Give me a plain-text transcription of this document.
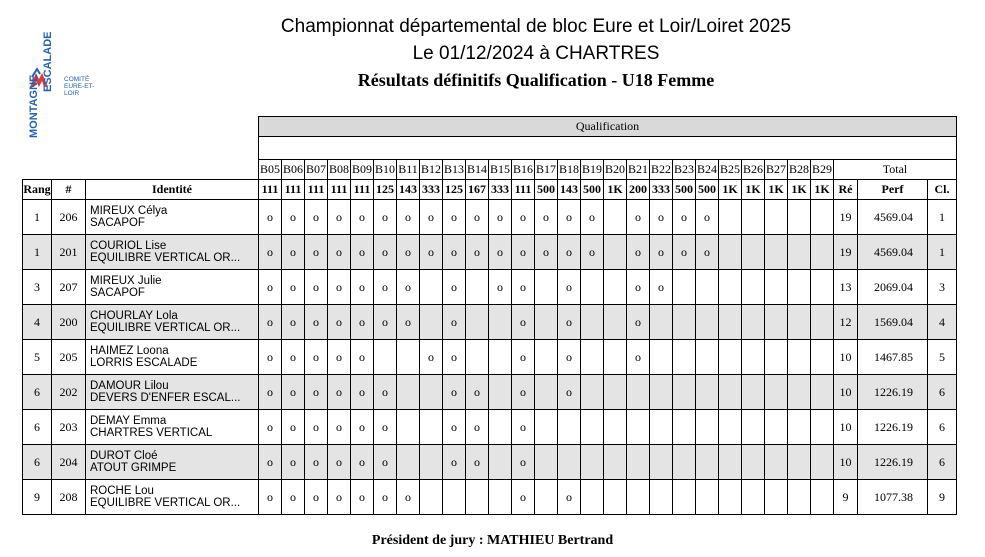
MONTAGNE
ESCALADE COMITÉ
EURE-ET-LOIR
Championnat départemental de bloc Eure et Loir/Loiret 2025
Le 01/12/2024 à CHARTRES
Résultats définitifs Qualification - U18 Femme
			Qualification																											

			B05	B06	B07	B08	B09	B10	B11	B12	B13	B14	B15	B16	B17	B18	B19	B20	B21	B22	B23	B24	B25	B26	B27	B28	B29	Total		
Rang	#	Identité	111	111	111	111	111	125	143	333	125	167	333	111	500	143	500	1K	200	333	500	500	1K	1K	1K	1K	1K	Ré	Perf	Cl.
1	206	MIREUX Célya
SACAPOF	o	o	o	o	o	o	o	o	o	o	o	o	o	o	o		o	o	o	o						19	4569.04	1
1	201	COURIOL Lise
EQUILIBRE VERTICAL OR...	o	o	o	o	o	o	o	o	o	o	o	o	o	o	o		o	o	o	o						19	4569.04	1
3	207	MIREUX Julie
SACAPOF	o	o	o	o	o	o	o		o		o	o		o			o	o								13	2069.04	3
4	200	CHOURLAY Lola
EQUILIBRE VERTICAL OR...	o	o	o	o	o	o	o		o			o		o			o									12	1569.04	4
5	205	HAIMEZ Loona
LORRIS ESCALADE	o	o	o	o	o			o	o			o		o			o									10	1467.85	5
6	202	DAMOUR Lilou
DEVERS D'ENFER ESCAL...	o	o	o	o	o	o			o	o		o		o												10	1226.19	6
6	203	DEMAY Emma
CHARTRES VERTICAL	o	o	o	o	o	o			o	o		o														10	1226.19	6
6	204	DUROT Cloé
ATOUT GRIMPE	o	o	o	o	o	o			o	o		o														10	1226.19	6
9	208	ROCHE Lou
EQUILIBRE VERTICAL OR...	o	o	o	o	o	o	o					o		o												9	1077.38	9
Président de jury : MATHIEU Bertrand
